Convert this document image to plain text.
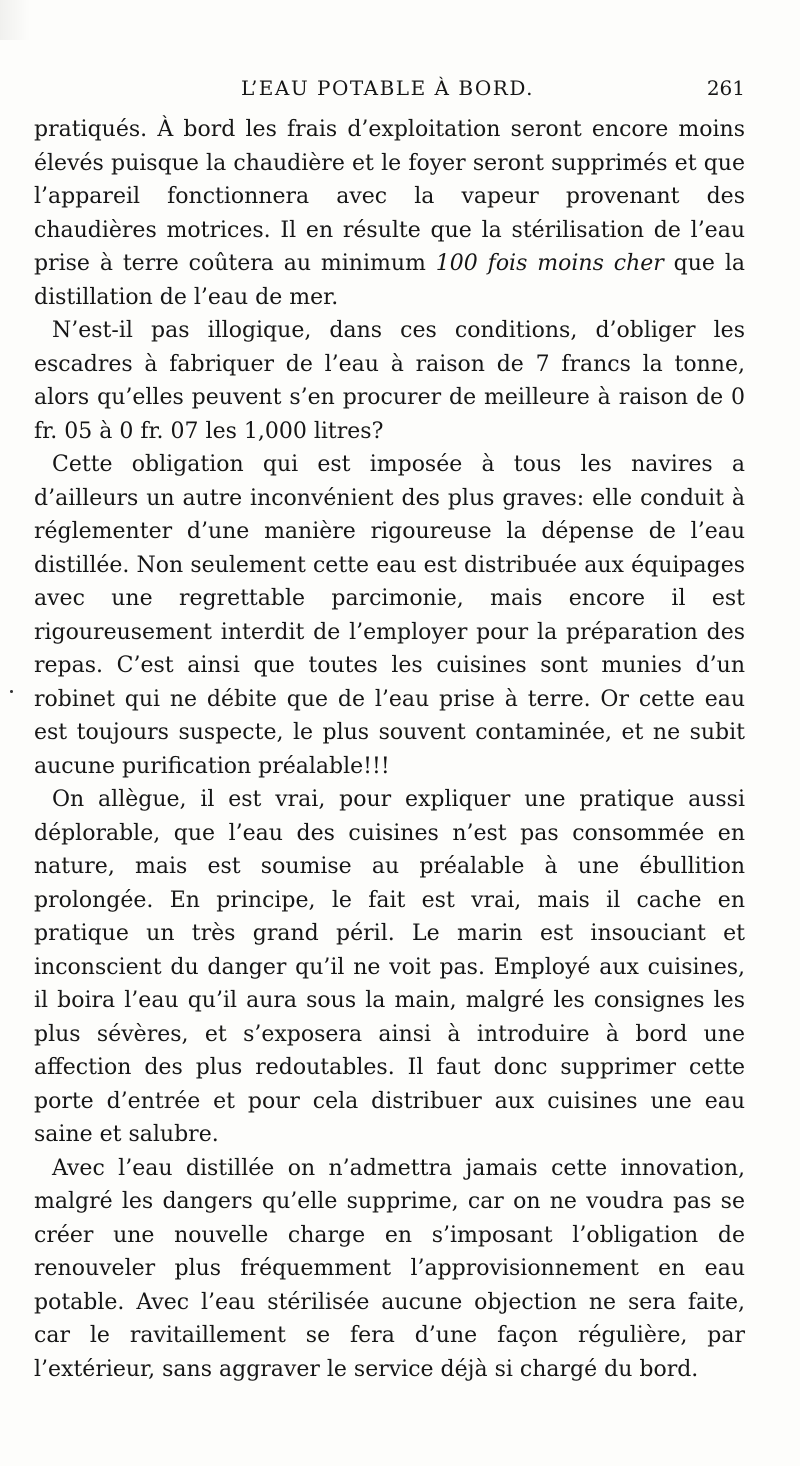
L’EAU POTABLE À BORD.	261

pratiqués. À bord les frais d’exploitation seront encore moins élevés puisque la chaudière et le foyer seront supprimés et que l’appareil fonctionnera avec la vapeur provenant des chaudières motrices. Il en résulte que la stérilisation de l’eau prise à terre coûtera au minimum 100 fois moins cher que la distillation de l’eau de mer.

N’est-il pas illogique, dans ces conditions, d’obliger les escadres à fabriquer de l’eau à raison de 7 francs la tonne, alors qu’elles peuvent s’en procurer de meilleure à raison de 0 fr. 05 à 0 fr. 07 les 1,000 litres?

Cette obligation qui est imposée à tous les navires a d’ailleurs un autre inconvénient des plus graves: elle conduit à réglementer d’une manière rigoureuse la dépense de l’eau distillée. Non seulement cette eau est distribuée aux équipages avec une regrettable parcimonie, mais encore il est rigoureusement interdit de l’employer pour la préparation des repas. C’est ainsi que toutes les cuisines sont munies d’un robinet qui ne débite que de l’eau prise à terre. Or cette eau est toujours suspecte, le plus souvent contaminée, et ne subit aucune purification préalable!!!

On allègue, il est vrai, pour expliquer une pratique aussi déplorable, que l’eau des cuisines n’est pas consommée en nature, mais est soumise au préalable à une ébullition prolongée. En principe, le fait est vrai, mais il cache en pratique un très grand péril. Le marin est insouciant et inconscient du danger qu’il ne voit pas. Employé aux cuisines, il boira l’eau qu’il aura sous la main, malgré les consignes les plus sévères, et s’exposera ainsi à introduire à bord une affection des plus redoutables. Il faut donc supprimer cette porte d’entrée et pour cela distribuer aux cuisines une eau saine et salubre.

Avec l’eau distillée on n’admettra jamais cette innovation, malgré les dangers qu’elle supprime, car on ne voudra pas se créer une nouvelle charge en s’imposant l’obligation de renouveler plus fréquemment l’approvisionnement en eau potable. Avec l’eau stérilisée aucune objection ne sera faite, car le ravitaillement se fera d’une façon régulière, par l’extérieur, sans aggraver le service déjà si chargé du bord.
